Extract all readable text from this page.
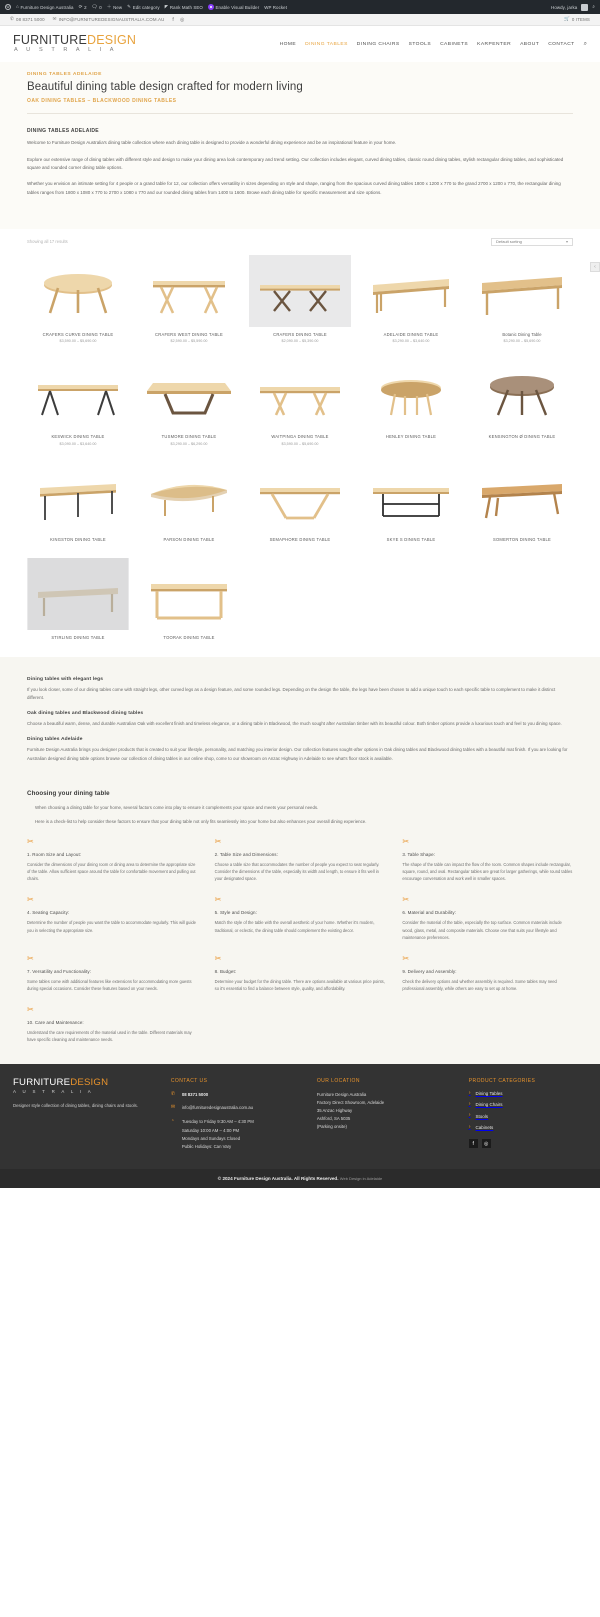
W
⌂ Furniture Design Australia ⟳ 2 🗨 0 ＋ New ✎ Edit category ◤ Rank Math SEO	Enable Visual Builder WP Rocket	Howdy, jarka	⌕
✆ 08 8371 5000 ✉ INFO@FURNITUREDESIGNAUSTRALIA.COM.AU f ◎	🛒 0 ITEMS
FURNITUREDESIGN
A U S T R A L I A
HOME DINING TABLES DINING CHAIRS STOOLS CABINETS KARPENTER ABOUT CONTACT ⌕
DINING TABLES ADELAIDE
Beautiful dining table design crafted for modern living
OAK DINING TABLES – BLACKWOOD DINING TABLES
DINING TABLES ADELAIDE

Welcome to Furniture Design Australia's dining table collection where each dining table is designed to provide a wonderful dining experience and be an inspirational feature in your home.

Explore our extensive range of dining tables with different style and design to make your dining area look contemporary and trend setting. Our collection includes elegant, curved dining tables, classic round dining tables, stylish rectangular dining tables, and sophisticated square and rounded corner dining table options.

Whether you envision an intimate setting for 4 people or a grand table for 12, our collection offers versatility in sizes depending on style and shape, ranging from the spacious curved dining tables 1800 x 1200 x 770 to the grand 2700 x 1200 x 770, the rectangular dining tables ranges from 1800 x 1080 x 770 to 2700 x 1080 x 770 and our rounded dining tables from 1400 to 1600. Browe each dining table for specific measurement and size options.

‹
Showing all 17 results	Default sorting	▾
CRAFERS CURVE DINING TABLE
$3,590.00 – $5,690.00
CRAFERS WEST DINING TABLE
$2,590.00 – $5,590.00
CRAFERS DINING TABLE
$2,090.00 – $5,390.00
ADELAIDE DINING TABLE
$3,290.00 – $3,640.00
Botanic Dining Table
$3,290.00 – $5,690.00
KESWICK DINING TABLE
$3,090.00 – $3,640.00
TUSMORE DINING TABLE
$3,290.00 – $6,290.00
WAITPINGA DINING TABLE
$3,590.00 – $5,690.00
HENLEY DINING TABLE	KENSINGTON Ø DINING TABLE
KINGSTON DINING TABLE	PARSON DINING TABLE	SEMAPHORE DINING TABLE	SKYE S DINING TABLE	SOMERTON DINING TABLE
STIRLING DINING TABLE	TOORAK DINING TABLE
Dining tables with elegant legs

If you look closer, some of our dining tables come with straight legs, other curved legs as a design feature, and some rounded legs. Depending on the design the table, the legs have been chosen to add a unique touch to each specific table to complement to make it distinct different.

Oak dining tables and Blackwood dining tables

Choose a beautiful warm, dense, and durable Australian Oak with excellent finish and timeless elegance, or a dining table in Blackwood, the much sought after Australian timber with its beautiful colour. Both timber options provide a luxurious touch and feel to you dining space.

Dining tables Adelaide

Furniture Design Australia brings you designer products that is created to suit your lifestyle, personality, and matching you interior design. Our collection features sought-after options in Oak dining tables and Blackwood dining tables with a beautiful mat finish. If you are looking for Australian designed dining table options browse our collection of dining tables in our online shop, come to our showroom on Anzac Highway in Adelaide to see what's floor stock is available.

Choosing your dining table

When choosing a dining table for your home, several factors come into play to ensure it complements your space and meets your personal needs.

Here is a check-list to help consider these factors to ensure that your dining table not only fits seamlessly into your home but also enhances your overall dining experience.

✂
1. Room Size and Layout:
Consider the dimensions of your dining room or dining area to determine the appropriate size of the table. Allow sufficient space around the table for comfortable movement and pulling out chairs.
✂
2. Table Size and Dimensions:
Choose a table size that accommodates the number of people you expect to seat regularly. Consider the dimensions of the table, especially its width and length, to ensure it fits well in your designated space.
✂
3. Table Shape:
The shape of the table can impact the flow of the room. Common shapes include rectangular, square, round, and oval. Rectangular tables are great for larger gatherings, while round tables encourage conversation and work well in smaller spaces.
✂
4. Seating Capacity:
Determine the number of people you want the table to accommodate regularly. This will guide you in selecting the appropriate size.
✂
5. Style and Design:
Match the style of the table with the overall aesthetic of your home. Whether it's modern, traditional, or eclectic, the dining table should complement the existing decor.
✂
6. Material and Durability:
Consider the material of the table, especially the top surface. Common materials include wood, glass, metal, and composite materials. Choose one that suits your lifestyle and maintenance preferences.
✂
7. Versatility and Functionality:
Some tables come with additional features like extensions for accommodating more guests during special occasions. Consider these features based on your needs.
✂
8. Budget:
Determine your budget for the dining table. There are options available at various price points, so it's essential to find a balance between style, quality, and affordability.
✂
9. Delivery and Assembly:
Check the delivery options and whether assembly is required. Some tables may need professional assembly, while others are easy to set up at home.
✂
10. Care and Maintenance:
Understand the care requirements of the material used in the table. Different materials may have specific cleaning and maintenance needs.
FURNITUREDESIGN
A U S T R A L I A
Designer style collection of dining tables, dining chairs and stools.
CONTACT US
✆	08 8371 5000
✉	info@furnituredesignaustralia.com.au
◔	Tuesday to Friday 9:30 AM – 4:30 PM
Saturday 10:00 AM – 4:00 PM
Mondays and Sundays Closed
Public Holidays: Can Vary
OUR LOCATION
Furniture Design Australia
Factory Direct Showroom, Adelaide
35 Anzac Highway
Ashford, SA 5035
(Parking onsite)
PRODUCT CATEGORIES
› Dining Tables
› Dining Chairs
› Stools
› Cabinets
f	◎
© 2024 Furniture Design Australia. All Rights Reserved. Web Design in Adelaide
